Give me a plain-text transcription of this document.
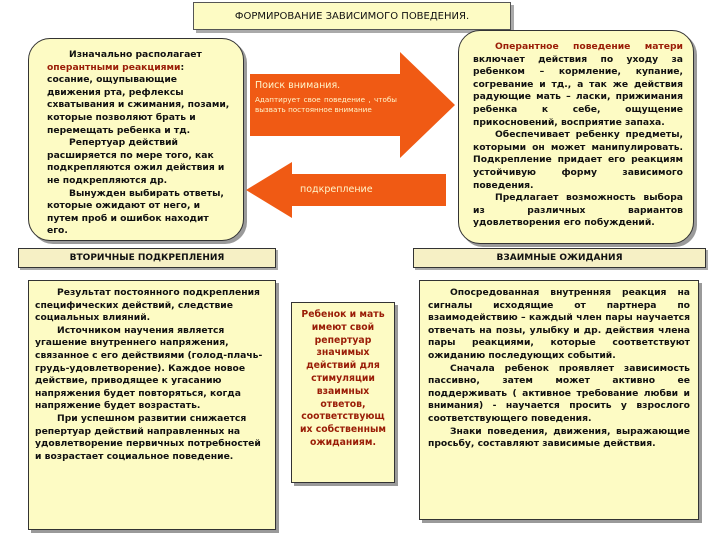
ФОРМИРОВАНИЕ ЗАВИСИМОГО ПОВЕДЕНИЯ.

Изначально располагает оперантными реакциями: сосание, ощупывающие движения рта, рефлексы схватывания и сжимания, позами, которые позволяют брать и перемещать ребенка и тд.

Репертуар действий расширяется по мере того, как подкрепляются ожил действия и не подкрепляются др.

Вынужден выбирать ответы, которые ожидают от него, и путем проб и ошибок находит его.

Оперантное поведение матери включает действия по уходу за ребенком – кормление, купание, согревание и тд., а так же действия радующие мать – ласки, прижимания ребенка к себе, ощущение прикосновений, восприятие запаха.

Обеспечивает ребенку предметы, которыми он может манипулировать. Подкрепление придает его реакциям устойчивую форму зависимого поведения.

Предлагает возможность выбора из различных вариантов удовлетворения его побуждений.

Поиск внимания.
Адаптирует свое поведение , чтобы вызвать постоянное внимание
подкрепление
ВТОРИЧНЫЕ ПОДКРЕПЛЕНИЯ	ВЗАИМНЫЕ ОЖИДАНИЯ

Результат постоянного подкрепления специфических действий, следствие социальных влияний.

Источником научения является угашение внутреннего напряжения, связанное с его действиями (голод-плачь-грудь-удовлетворение). Каждое новое действие, приводящее к угасанию напряжения будет повторяться, когда напряжение будет возрастать.

При успешном развитии снижается репертуар действий направленных на удовлетворение первичных потребностей и возрастает социальное поведение.

Ребенок и мать имеют свой репертуар значимых действий для стимуляции взаимных ответов, соответствующ их собственным ожиданиям.

Опосредованная внутренняя реакция на сигналы исходящие от партнера по взаимодействию – каждый член пары научается отвечать на позы, улыбку и др. действия члена пары реакциями, которые соответствуют ожиданию последующих событий.

Сначала ребенок проявляет зависимость пассивно, затем может активно ее поддерживать ( активное требование любви и внимания) - научается просить у взрослого соответствующего поведения.

Знаки поведения, движения, выражающие просьбу, составляют зависимые действия.
